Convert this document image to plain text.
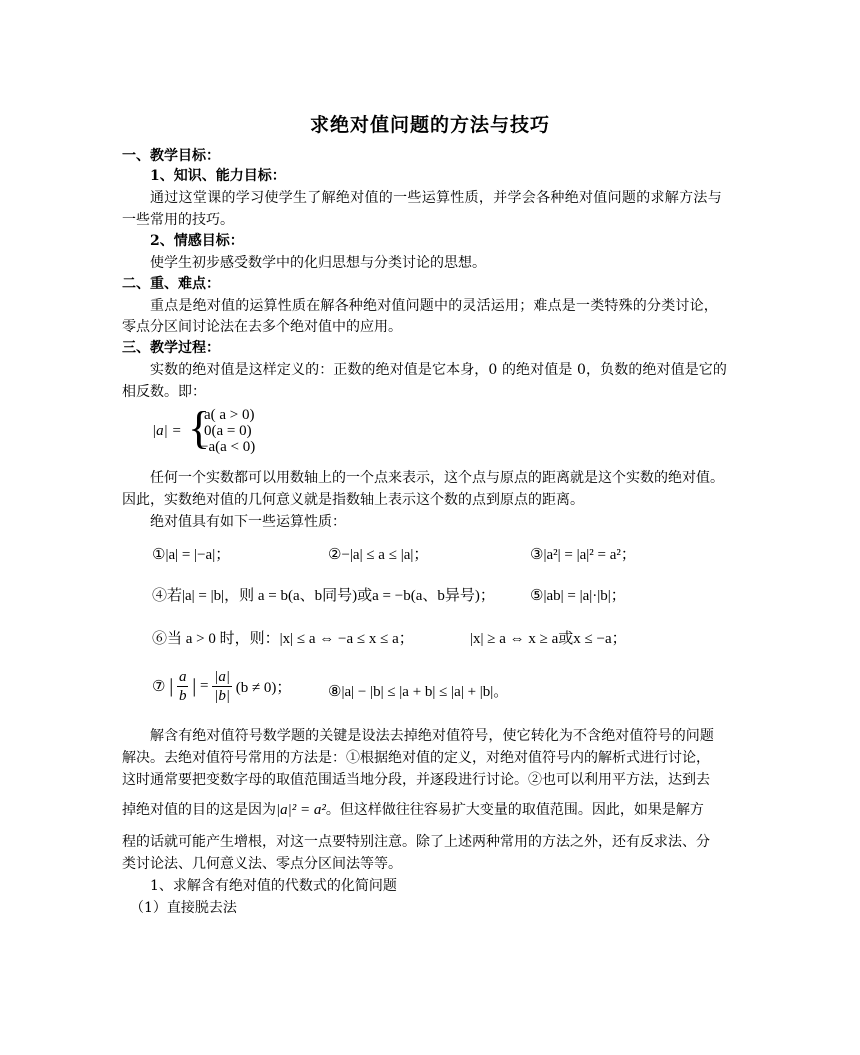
求绝对值问题的方法与技巧
一、教学目标：
1、知识、能力目标：
通过这堂课的学习使学生了解绝对值的一些运算性质，并学会各种绝对值问题的求解方法与
一些常用的技巧。
2、情感目标：
使学生初步感受数学中的化归思想与分类讨论的思想。
二、重、难点：
重点是绝对值的运算性质在解各种绝对值问题中的灵活运用；难点是一类特殊的分类讨论，
零点分区间讨论法在去多个绝对值中的应用。
三、教学过程：
实数的绝对值是这样定义的：正数的绝对值是它本身，0 的绝对值是 0，负数的绝对值是它的
相反数。即：
|a| = {
a( a > 0)
0(a = 0)
−a(a < 0)
任何一个实数都可以用数轴上的一个点来表示，这个点与原点的距离就是这个实数的绝对值。
因此，实数绝对值的几何意义就是指数轴上表示这个数的点到原点的距离。
绝对值具有如下一些运算性质：
①|a| = |−a|；	②−|a| ≤ a ≤ |a|；	③|a²| = |a|² = a²；
④若|a| = |b|，则 a = b(a、b同号)或a = −b(a、b异号)； ⑤|ab| = |a|·|b|；
⑥当 a > 0 时，则：|x| ≤ a ⇔ −a ≤ x ≤ a；	|x| ≥ a ⇔ x ≥ a或x ≤ −a；
⑦ | $\frac{a}{b}$ | = $\frac{|a|}{|b|} (b \ne 0)$； ⑧|a| − |b| ≤ |a + b| ≤ |a| + |b|。
解含有绝对值符号数学题的关键是设法去掉绝对值符号，使它转化为不含绝对值符号的问题
解决。去绝对值符号常用的方法是：①根据绝对值的定义，对绝对值符号内的解析式进行讨论，
这时通常要把变数字母的取值范围适当地分段，并逐段进行讨论。②也可以利用平方法，达到去
掉绝对值的目的这是因为|a|² = a²。但这样做往往容易扩大变量的取值范围。因此，如果是解方
程的话就可能产生增根，对这一点要特别注意。除了上述两种常用的方法之外，还有反求法、分
类讨论法、几何意义法、零点分区间法等等。
1、求解含有绝对值的代数式的化简问题
（1）直接脱去法
